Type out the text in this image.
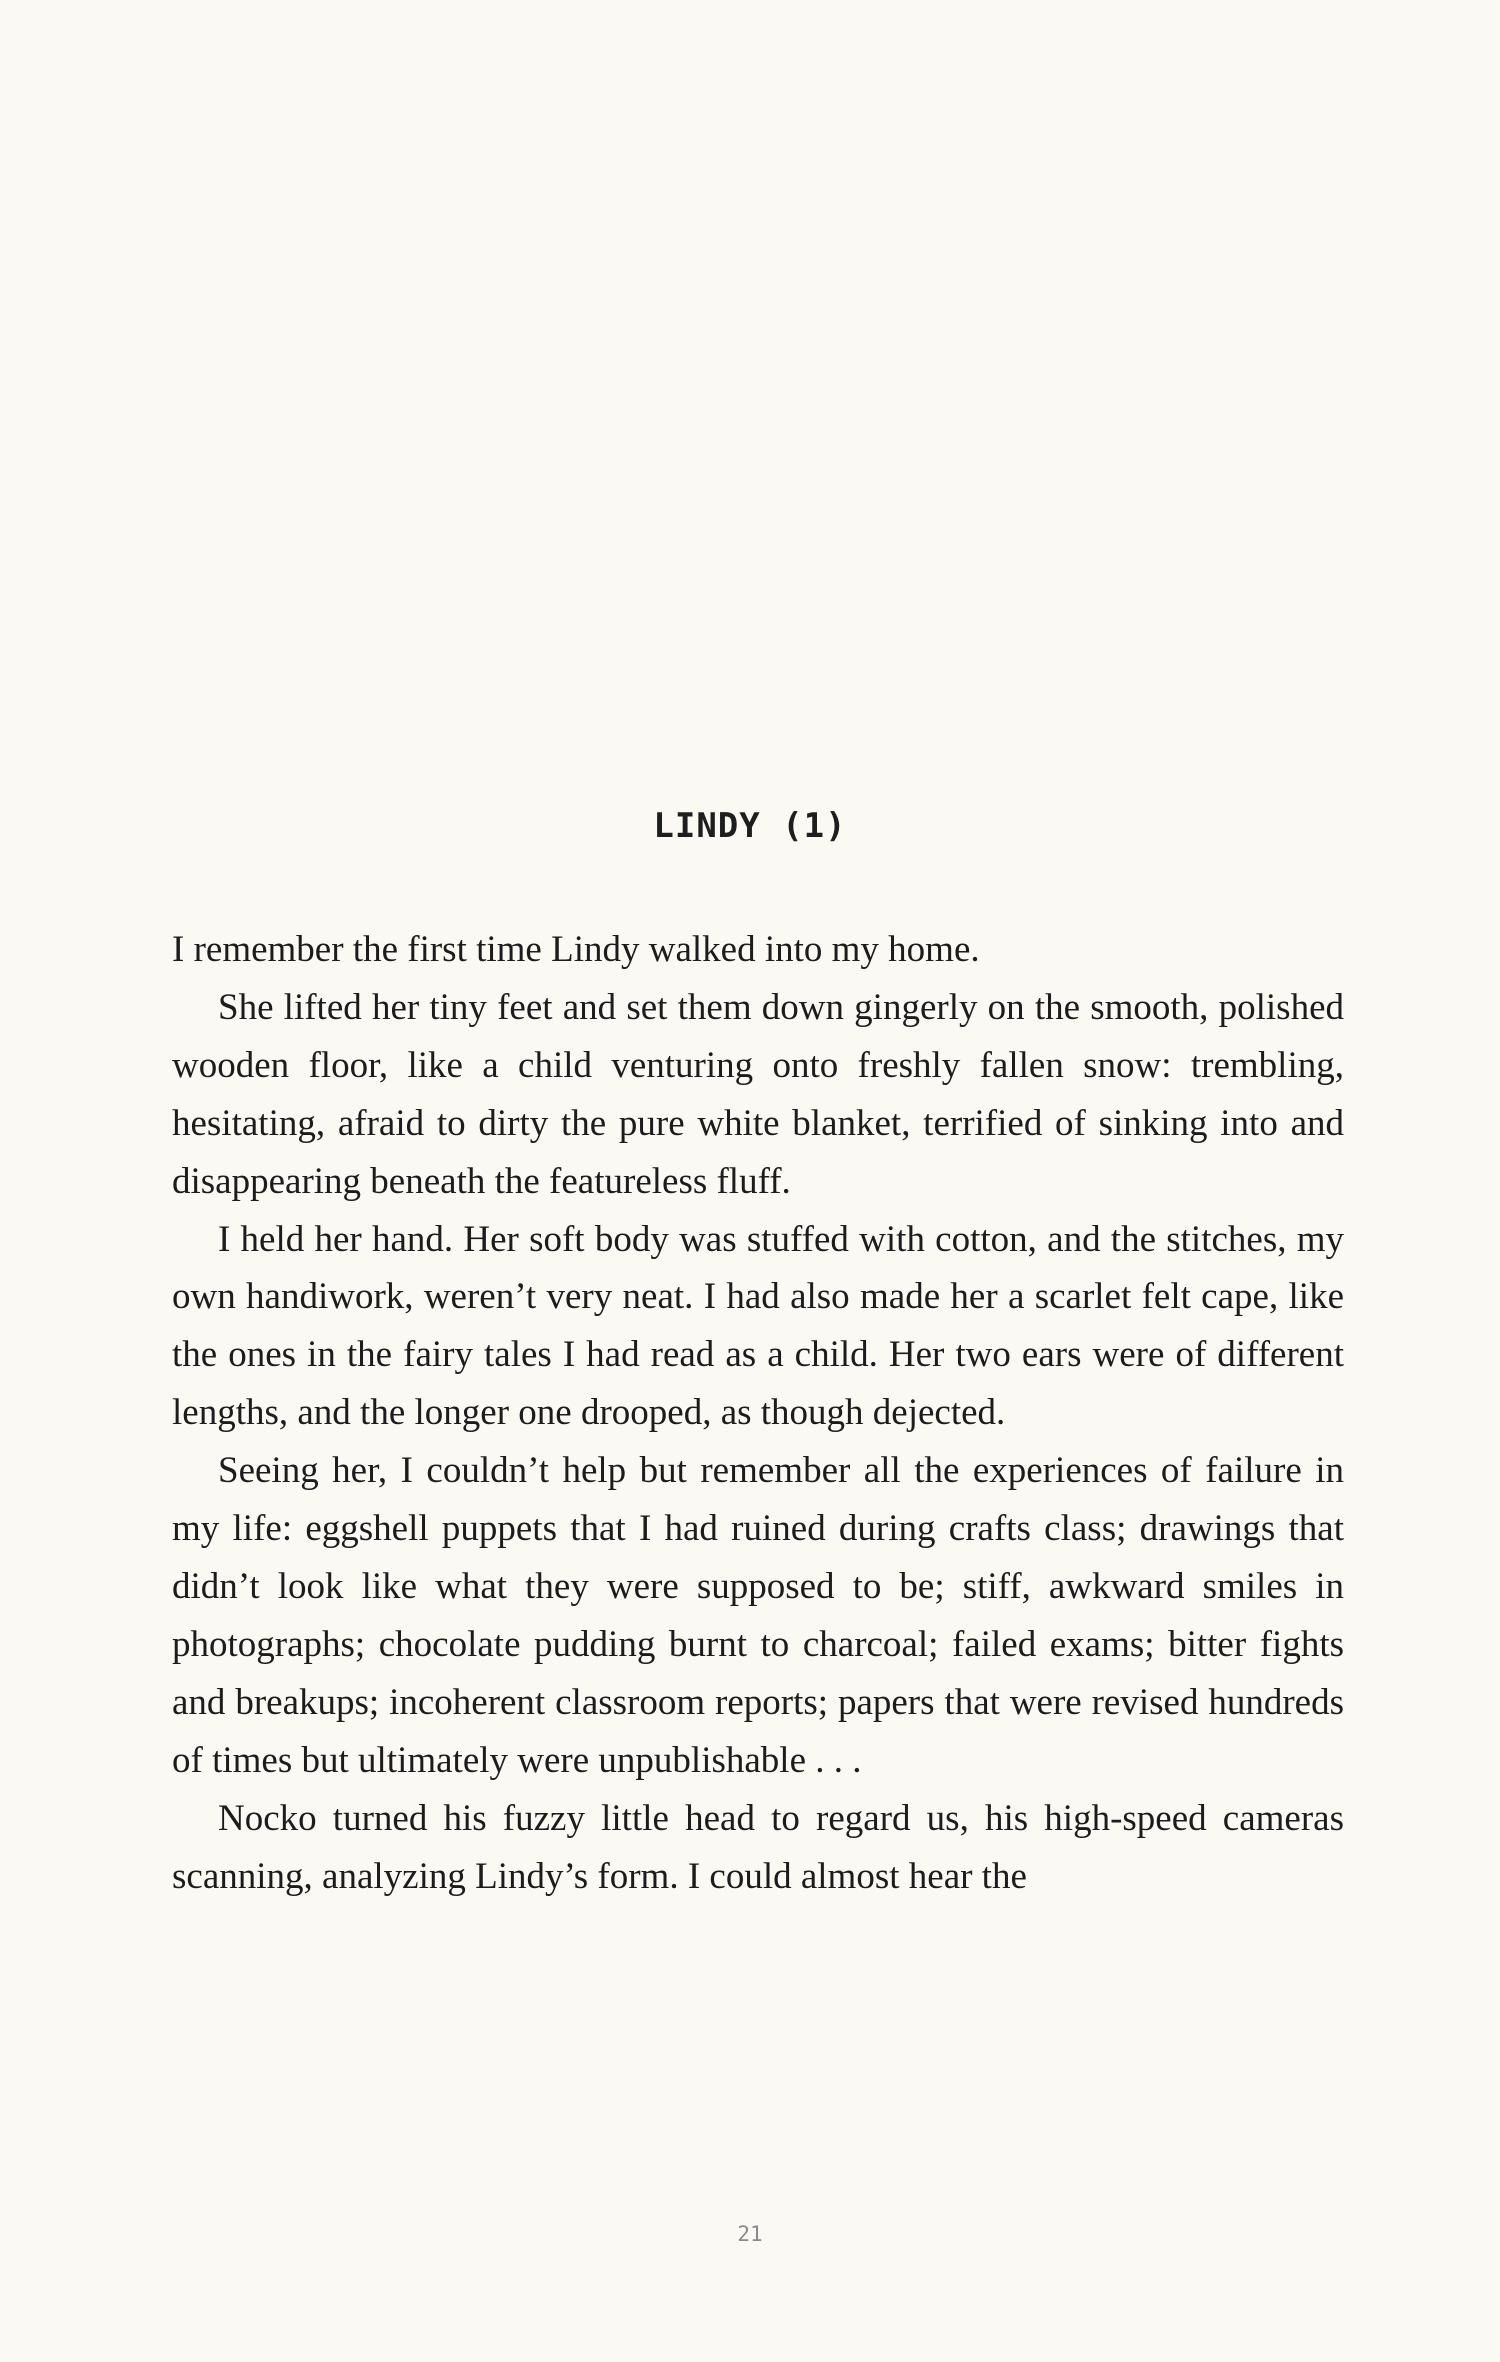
LINDY (1)

I remember the first time Lindy walked into my home.

She lifted her tiny feet and set them down gingerly on the smooth, polished wooden floor, like a child venturing onto freshly fallen snow: trembling, hesitating, afraid to dirty the pure white blanket, terrified of sinking into and disappearing beneath the featureless fluff.

I held her hand. Her soft body was stuffed with cotton, and the stitches, my own handiwork, weren’t very neat. I had also made her a scarlet felt cape, like the ones in the fairy tales I had read as a child. Her two ears were of different lengths, and the longer one drooped, as though dejected.

Seeing her, I couldn’t help but remember all the experiences of failure in my life: eggshell puppets that I had ruined during crafts class; drawings that didn’t look like what they were supposed to be; stiff, awkward smiles in photographs; chocolate pudding burnt to charcoal; failed exams; bitter fights and breakups; incoherent classroom reports; papers that were revised hundreds of times but ultimately were unpublishable . . .

Nocko turned his fuzzy little head to regard us, his high-speed cameras scanning, analyzing Lindy’s form. I could almost hear the

21
